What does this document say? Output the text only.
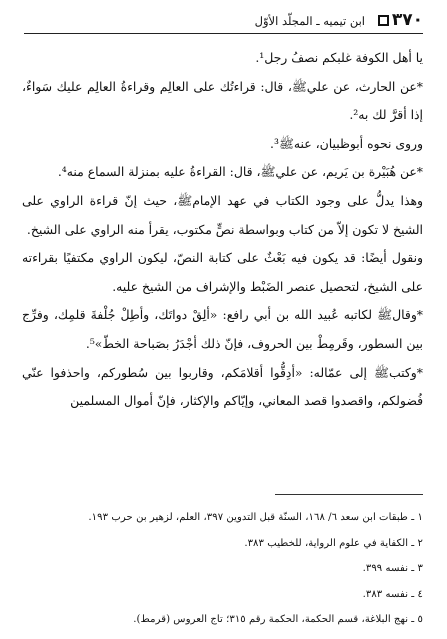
٣٧٠
ابن تيميه ـ المجلّد الأوّل

يا أهل الكوفة غلبكم نصفُ رجل¹.

*عن الحارث، عن عليﷺ، قال: قراءتُك على العالِم وقراءةُ العالِم عليك سَواءٌ، إذا أقرَّ لك به².

وروى نحوه أبوظبيان، عنهﷺ³.

*عن هُبَيْرة بن يَريم، عن عليﷺ، قال: القراءةُ عليه بمنزلة السماع منه⁴.

وهذا يدلُّ على وجود الكتاب في عهد الإمامﷺ، حيث إنّ قراءة الراوي على الشيخ لا تكون إلاّ من كتاب وبواسطة نصٍّ مكتوب، يقرأ منه الراوي على الشيخ.

ونقول أيضًا: قد يكون فيه بَعْثٌ على كتابة النصّ، ليكون الراوي مكتفيًا بقراءته على الشيخ، لتحصيل عنصر الضَبْط والإشراف من الشيخ عليه.

*وقالﷺ لكاتبه عُبيد الله بن أبي رافع: «ألِقْ دواتَك، وأطِلْ جُلْفةَ قلمِك، وفرِّج بين السطور، وقَرمِطْ بين الحروف، فإنّ ذلك أجْدَرُ بصَباحة الخطّ»⁵.

*وكتبﷺ إلى عمّاله: «أدِقُّوا أقلامَكم، وقاربوا بين سُطوركم، واحذفوا عنّي فُضولكم، واقصدوا قصد المعاني، وإيّاكم والإكثار، فإنّ أموال المسلمين

١ ـ طبقات ابن سعد ٦/ ١٦٨، السنّة قبل التدوين ٣٩٧، العلم، لزهير بن حرب ١٩٣.

٢ ـ الكفاية في علوم الرواية، للخطيب ٣٨٣.

٣ ـ نفسه ٣٩٩.

٤ ـ نفسه ٣٨٣.

٥ ـ نهج البلاغة، قسم الحكمة، الحكمة رقم ٣١٥؛ تاج العروس (قرمط).
